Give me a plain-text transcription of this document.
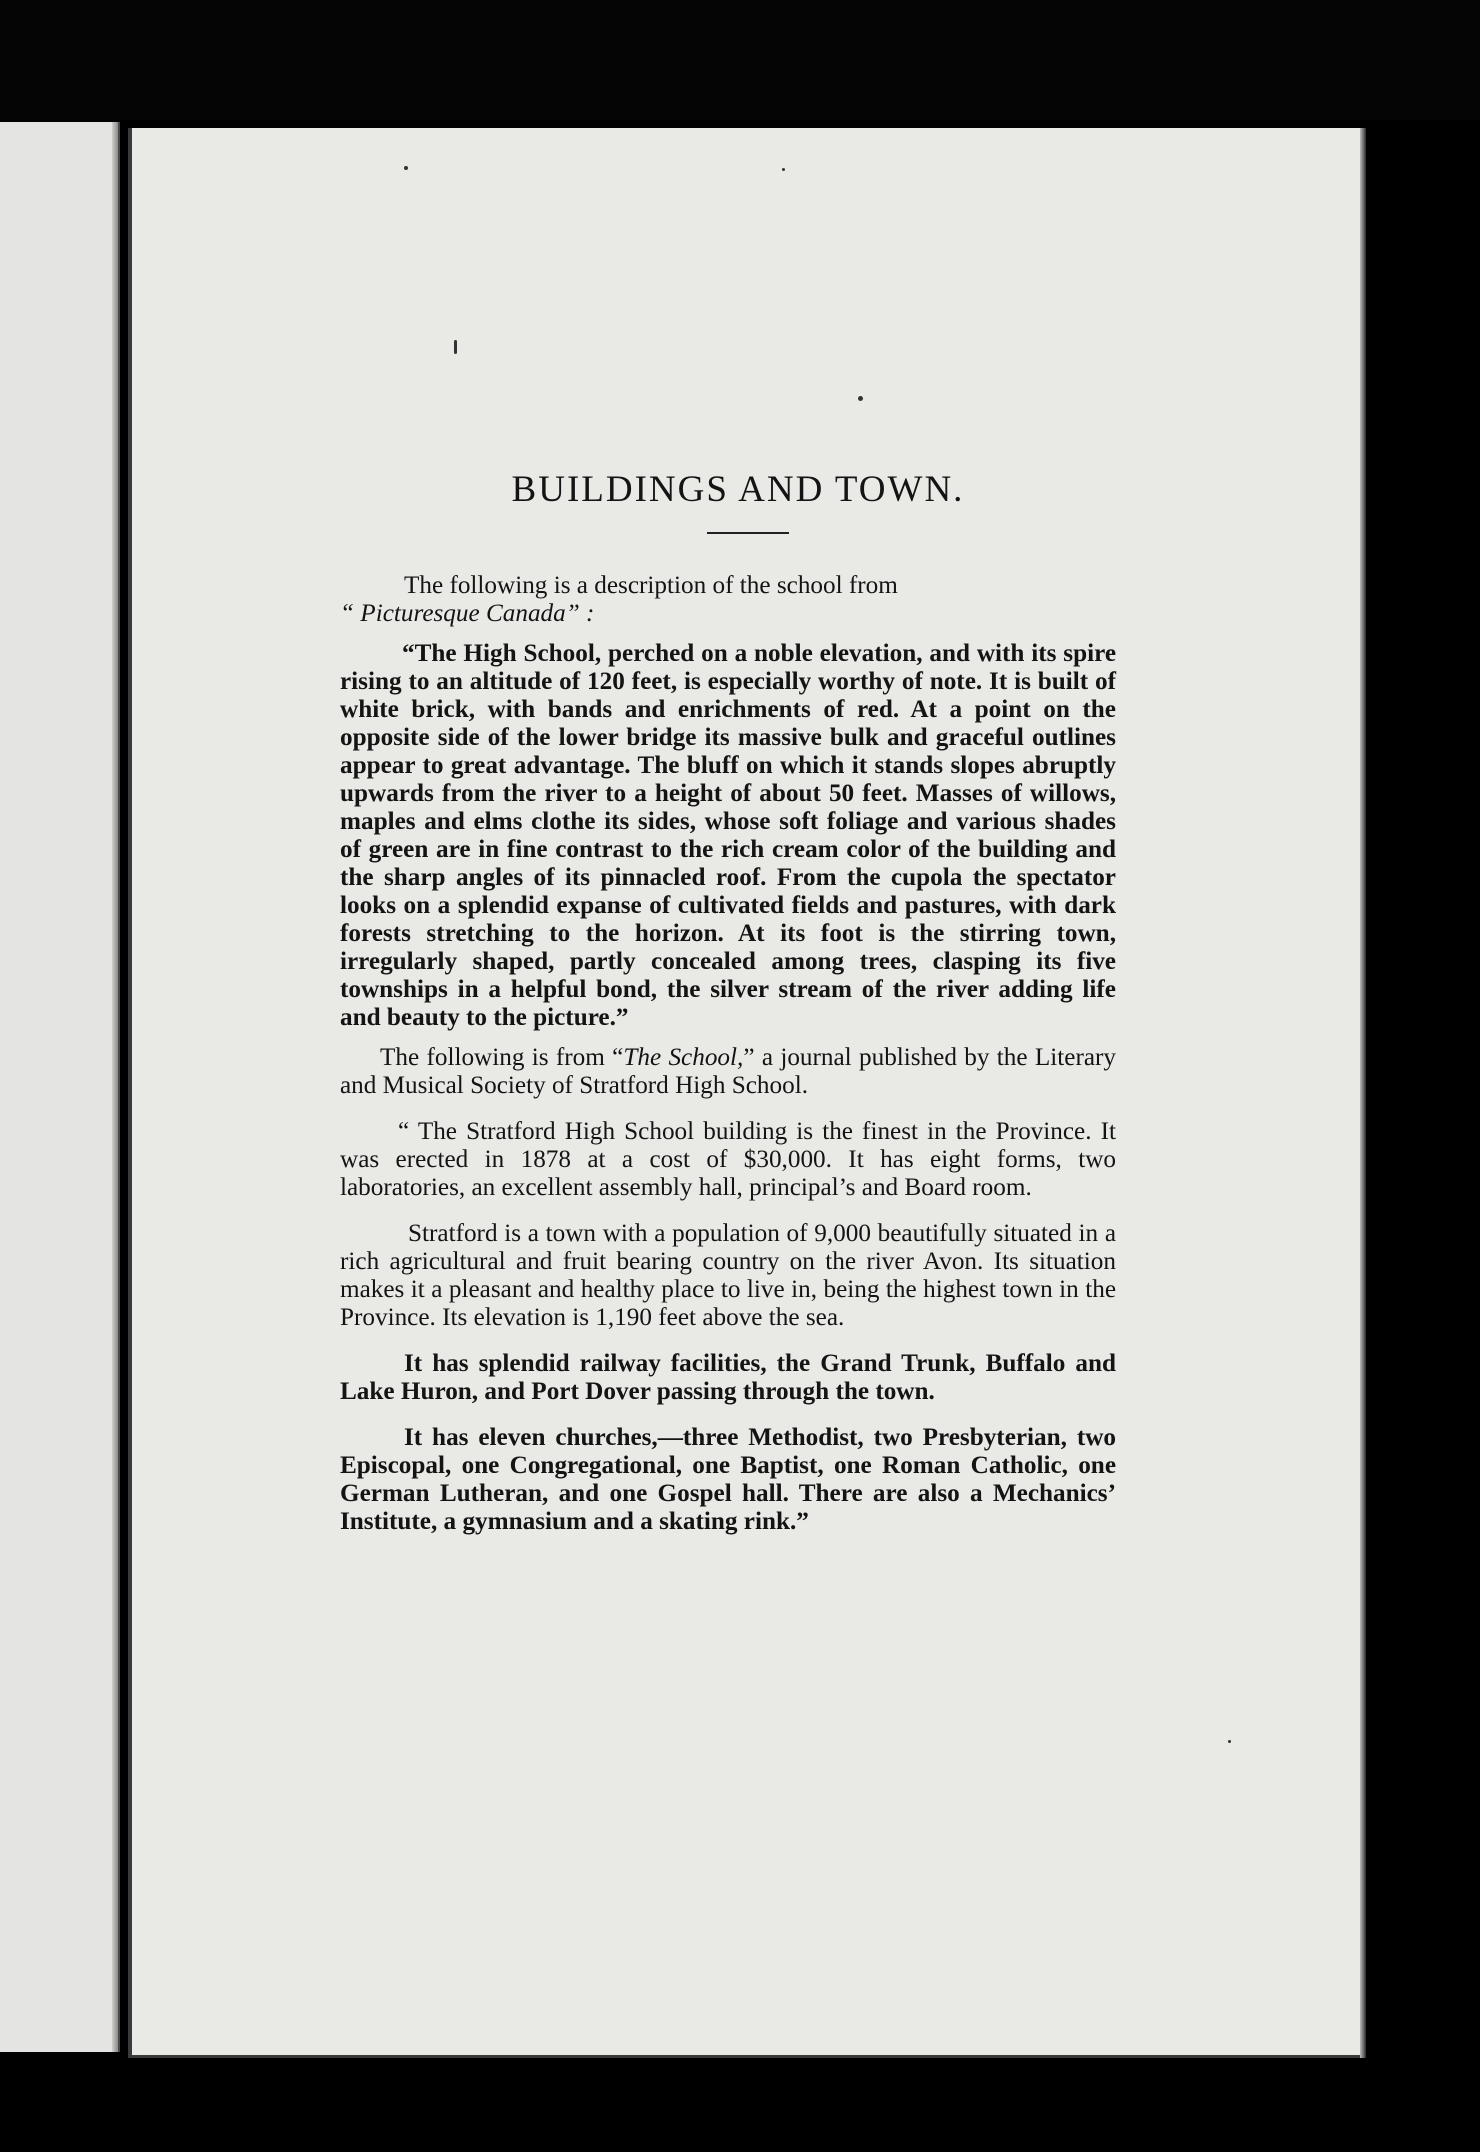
BUILDINGS AND TOWN.

The following is a description of the school from
“ Picturesque Canada” :

“The High School, perched on a noble elevation, and with its spire rising to an altitude of 120 feet, is especially worthy of note. It is built of white brick, with bands and enrichments of red. At a point on the opposite side of the lower bridge its massive bulk and graceful outlines appear to great advantage. The bluff on which it stands slopes abruptly upwards from the river to a height of about 50 feet. Masses of willows, maples and elms clothe its sides, whose soft foliage and various shades of green are in fine contrast to the rich cream color of the building and the sharp angles of its pinnacled roof. From the cupola the spectator looks on a splendid expanse of cultivated fields and pastures, with dark forests stretching to the horizon. At its foot is the stirring town, irregularly shaped, partly concealed among trees, clasping its five townships in a helpful bond, the silver stream of the river adding life and beauty to the picture.”

The following is from “The School,” a journal published by the Literary and Musical Society of Stratford High School.

“ The Stratford High School building is the finest in the Province. It was erected in 1878 at a cost of $30,000. It has eight forms, two laboratories, an excellent assembly hall, principal’s and Board room.

Stratford is a town with a population of 9,000 beautifully situated in a rich agricultural and fruit bearing country on the river Avon. Its situation makes it a pleasant and healthy place to live in, being the highest town in the Province. Its elevation is 1,190 feet above the sea.

It has splendid railway facilities, the Grand Trunk, Buffalo and Lake Huron, and Port Dover passing through the town.

It has eleven churches,—three Methodist, two Presbyterian, two Episcopal, one Congregational, one Baptist, one Roman Catholic, one German Lutheran, and one Gospel hall. There are also a Mechanics’ Institute, a gymnasium and a skating rink.”
